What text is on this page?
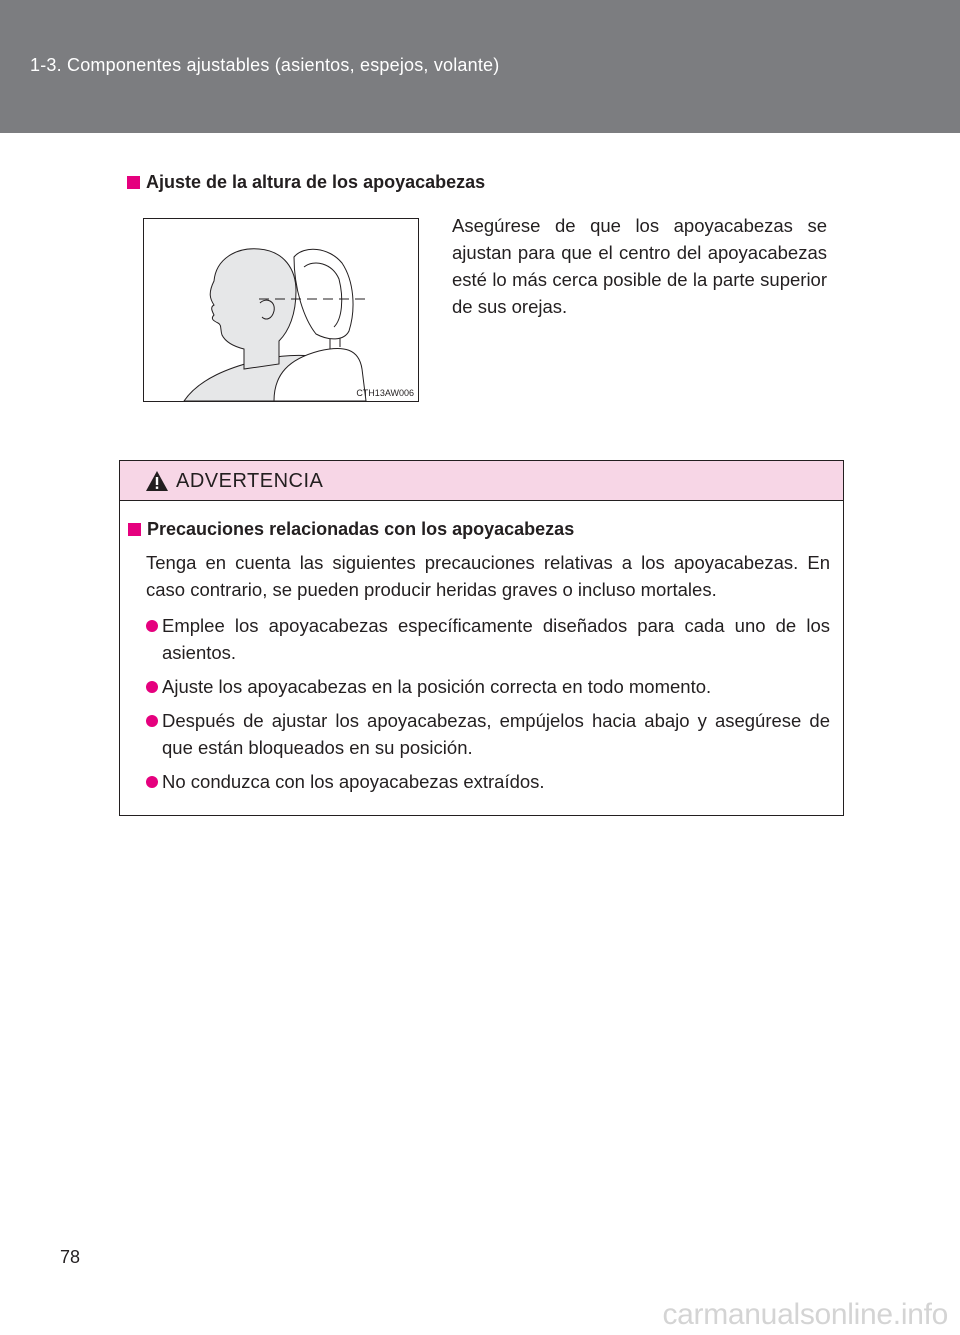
1-3. Componentes ajustables (asientos, espejos, volante)
Ajuste de la altura de los apoyacabezas
CTH13AW006
Asegúrese de que los apoyacabezas se ajustan para que el centro del apoyacabezas esté lo más cerca posible de la parte superior de sus orejas.
ADVERTENCIA
Precauciones relacionadas con los apoyacabezas
Tenga en cuenta las siguientes precauciones relativas a los apoyacabezas. En caso contrario, se pueden producir heridas graves o incluso mortales.
Emplee los apoyacabezas específicamente diseñados para cada uno de los asientos.
Ajuste los apoyacabezas en la posición correcta en todo momento.
Después de ajustar los apoyacabezas, empújelos hacia abajo y asegúrese de que están bloqueados en su posición.
No conduzca con los apoyacabezas extraídos.
78
carmanualsonline.info
